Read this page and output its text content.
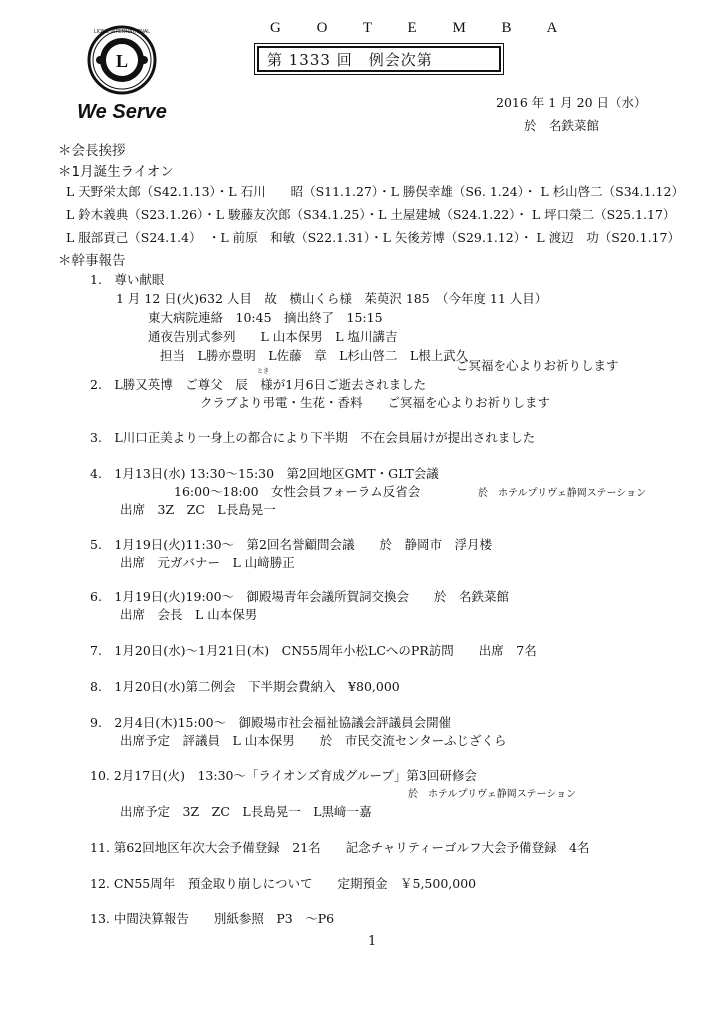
L
LIONS INTERNATIONAL
We Serve
G O T E M B A
第 1333 回　例会次第
2016 年 1 月 20 日（水）
於　名鉄菜館
＊会長挨拶
＊1月誕生ライオン
L 天野栄太郎（S42.1.13）・L 石川　　昭（S11.1.27）・L 勝俣幸雄（S6. 1.24）・ L 杉山啓二（S34.1.12）
L 鈴木義典（S23.1.26）・L 駿藤友次郎（S34.1.25）・L 土屋建城（S24.1.22）・ L 坪口榮二（S25.1.17）
L 服部貢己（S24.1.4）　・L 前原　和敏（S22.1.31）・L 矢後芳博（S29.1.12）・ L 渡辺　功（S20.1.17）
＊幹事報告
1.　尊い献眼
1 月 12 日(火)632 人目　故　横山くら様　茱萸沢 185　（今年度 11 人目）
東大病院連絡　10:45　摘出終了　15:15
通夜告別式参列　　L 山本保男　L 塩川講吉
担当　L勝亦豊明　L佐藤　章　L杉山啓二　L根上武久
ご冥福を心よりお祈りします
2.　L勝又英博　ご尊父　辰　様が1月6日ご逝去されました
とき
クラブより弔電・生花・香料　　ご冥福を心よりお祈りします
3.　L川口正美より一身上の都合により下半期　不在会員届けが提出されました
4.　1月13日(水) 13:30～15:30　第2回地区GMT・GLT会議
16:00～18:00　女性会員フォーラム反省会	於　ホテルプリヴェ静岡ステーション
出席　3Z　ZC　L長島晃一
5.　1月19日(火)11:30～　第2回名誉顧問会議　　於　静岡市　浮月楼
出席　元ガバナー　L 山﨑勝正
6.　1月19日(火)19:00～　御殿場青年会議所賀詞交換会　　於　名鉄菜館
出席　会長　L 山本保男
7.　1月20日(水)～1月21日(木)　CN55周年小松LCへのPR訪問　　出席　7名
8.　1月20日(水)第二例会　下半期会費納入　¥80,000
9.　2月4日(木)15:00～　御殿場市社会福祉協議会評議員会開催
出席予定　評議員　L 山本保男　　於　市民交流センターふじざくら
10. 2月17日(火)　13:30～「ライオンズ育成グループ」第3回研修会
於　ホテルプリヴェ静岡ステーション
出席予定　3Z　ZC　L長島晃一　L黒﨑一嘉
11. 第62回地区年次大会予備登録　21名　　記念チャリティーゴルフ大会予備登録　4名
12. CN55周年　預金取り崩しについて　　定期預金　￥5,500,000
13. 中間決算報告　　別紙参照　P3　～P6
1
